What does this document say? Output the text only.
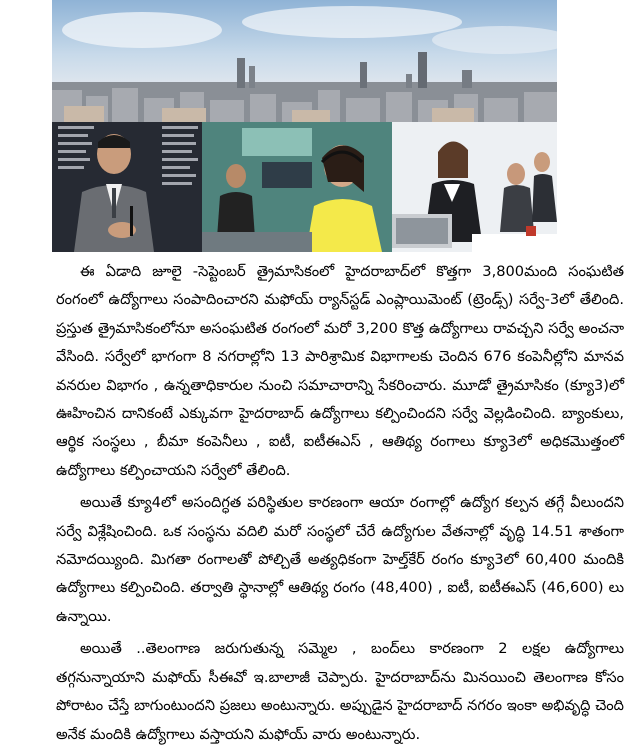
ఈ ఏడాది జూలై -సెప్టెంబర్ త్రైమాసికంలో హైదరాబాద్‌లో కొత్తగా 3,800మంది సంఘటిత రంగంలో ఉద్యోగాలు సంపాదించారని మఫోయ్ ర్యాన్‌స్టడ్ ఎంప్లాయిమెంట్ (ట్రెండ్స్) సర్వే-3లో తేలింది. ప్రస్తుత త్రైమాసికంలోనూ అసంఘటిత రంగంలో మరో 3,200 కొత్త ఉద్యోగాలు రావచ్చని సర్వే అంచనా వేసింది. సర్వేలో భాగంగా 8 నగరాల్లోని 13 పారిశ్రామిక విభాగాలకు చెందిన 676 కంపెనీల్లోని మానవ వనరుల విభాగం , ఉన్నతాధికారుల నుంచి సమాచారాన్ని సేకరించారు. మూడో త్రైమాసికం (క్యూ3)లో ఊహించిన దానికంటే ఎక్కువగా హైదరాబాద్ ఉద్యోగాలు కల్పించిందని సర్వే వెల్లడించింది. బ్యాంకులు, ఆర్థిక సంస్థలు , బీమా కంపెనీలు , ఐటీ, ఐటీఈఎస్ , ఆతిథ్య రంగాలు క్యూ3లో అధికమొత్తంలో ఉద్యోగాలు కల్పించాయని సర్వేలో తేలింది.

అయితే క్యూ4లో అసందిగ్ధత పరిస్థితుల కారణంగా ఆయా రంగాల్లో ఉద్యోగ కల్పన తగ్గే వీలుందని సర్వే విశ్లేషించింది. ఒక సంస్థను వదిలి మరో సంస్థలో చేరే ఉద్యోగుల వేతనాల్లో వృద్ధి 14.51 శాతంగా నమోదయ్యింది. మిగతా రంగాలతో పోల్చితే అత్యధికంగా హెల్త్‌కేర్ రంగం క్యూ3లో 60,400 మందికి ఉద్యోగాలు కల్పించింది. తర్వాతి స్థానాల్లో ఆతిథ్య రంగం (48,400) , ఐటీ, ఐటీఈఎస్ (46,600) లు ఉన్నాయి.

అయితే ..తెలంగాణ జరుగుతున్న సమ్మెల , బంద్‌లు కారణంగా 2 లక్షల ఉద్యోగాలు తగ్గనున్నాయాని మఫోయ్ సీఈవో ఇ.బాలాజీ చెప్పారు. హైదరాబాద్‌ను మినయించి తెలంగాణ కోసం పోరాటం చేస్తే బాగుంటుందని ప్రజలు అంటున్నారు. అప్పుడైన హైదరాబాద్ నగరం ఇంకా అభివృద్ధి చెంది అనేక మందికి ఉద్యోగాలు వస్తాయని మఫోయ్ వారు అంటున్నారు.
